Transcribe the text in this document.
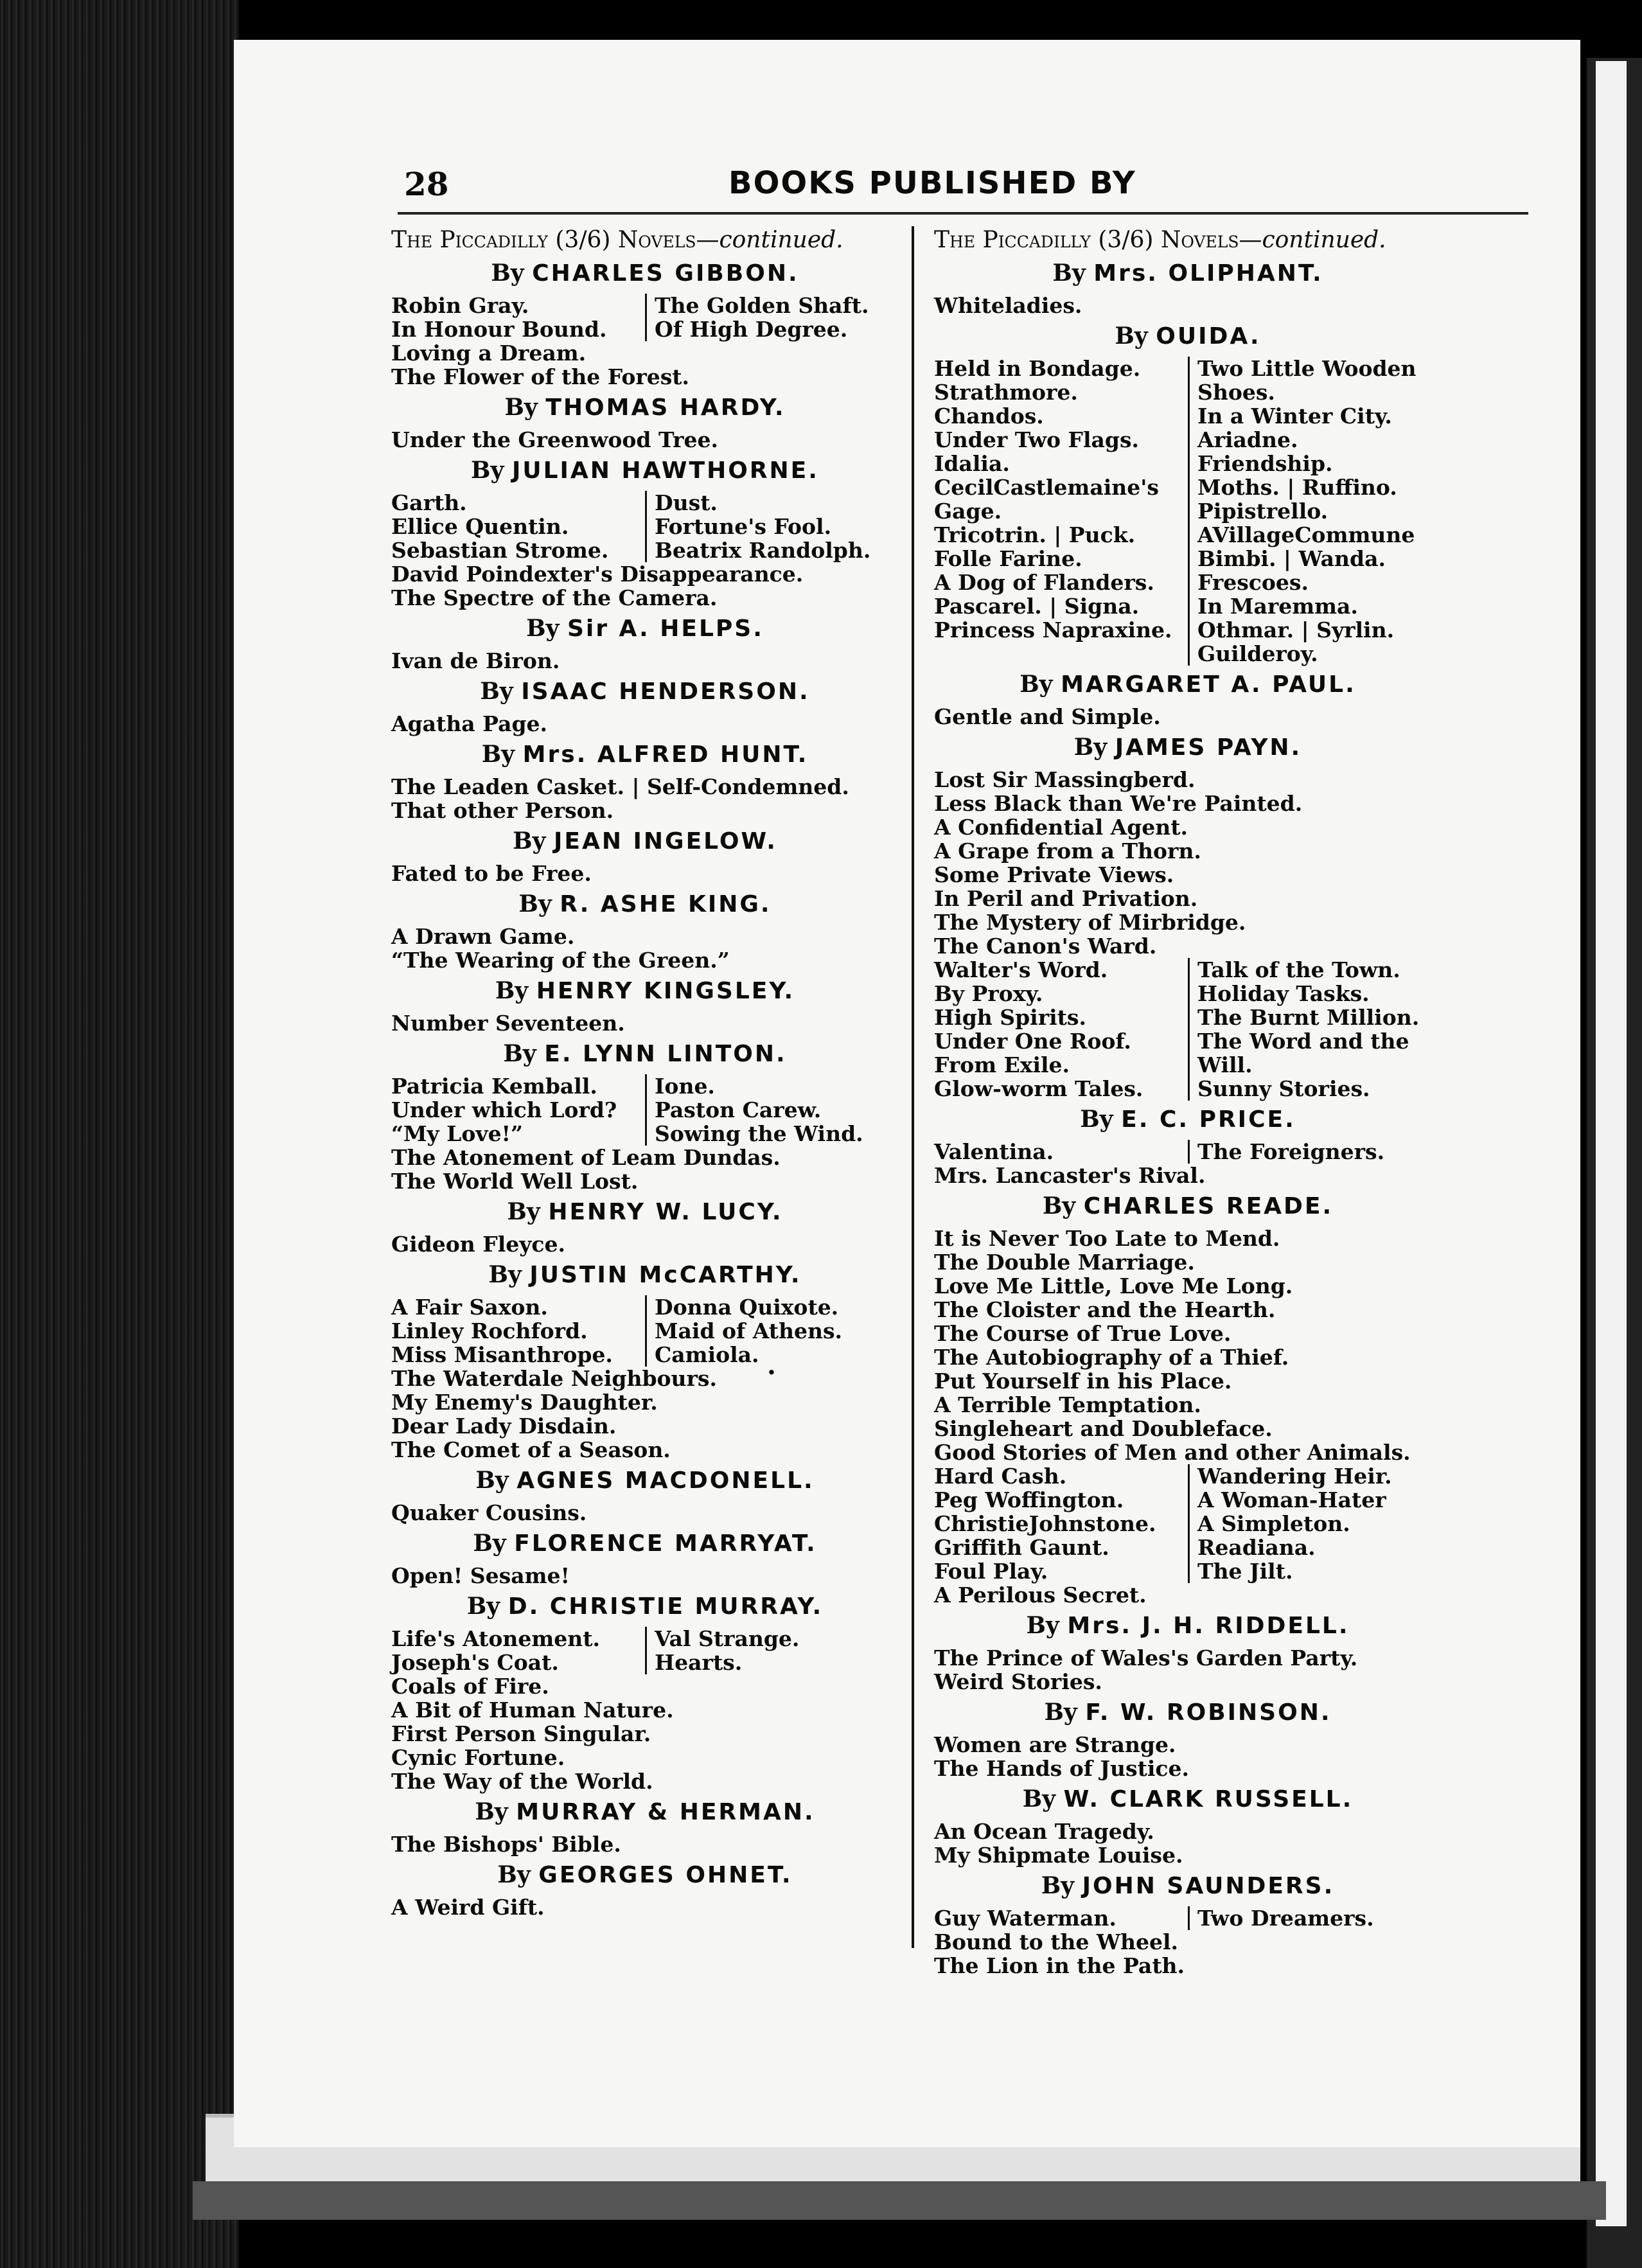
28	BOOKS PUBLISHED BY
.
The Piccadilly (3/6) Novels—continued.
By CHARLES GIBBON.
Robin Gray.	The Golden Shaft.
In Honour Bound.	Of High Degree.
Loving a Dream.
The Flower of the Forest.
By THOMAS HARDY.
Under the Greenwood Tree.
By JULIAN HAWTHORNE.
Garth.	Dust.
Ellice Quentin.	Fortune's Fool.
Sebastian Strome.	Beatrix Randolph.
David Poindexter's Disappearance.
The Spectre of the Camera.
By Sir A. HELPS.
Ivan de Biron.
By ISAAC HENDERSON.
Agatha Page.
By Mrs. ALFRED HUNT.
The Leaden Casket. | Self-Condemned.
That other Person.
By JEAN INGELOW.
Fated to be Free.
By R. ASHE KING.
A Drawn Game.
“The Wearing of the Green.”
By HENRY KINGSLEY.
Number Seventeen.
By E. LYNN LINTON.
Patricia Kemball.	Ione.
Under which Lord?	Paston Carew.
“My Love!”	Sowing the Wind.
The Atonement of Leam Dundas.
The World Well Lost.
By HENRY W. LUCY.
Gideon Fleyce.
By JUSTIN McCARTHY.
A Fair Saxon.	Donna Quixote.
Linley Rochford.	Maid of Athens.
Miss Misanthrope.	Camiola.
The Waterdale Neighbours.
My Enemy's Daughter.
Dear Lady Disdain.
The Comet of a Season.
By AGNES MACDONELL.
Quaker Cousins.
By FLORENCE MARRYAT.
Open! Sesame!
By D. CHRISTIE MURRAY.
Life's Atonement.	Val Strange.
Joseph's Coat.	Hearts.
Coals of Fire.
A Bit of Human Nature.
First Person Singular.
Cynic Fortune.
The Way of the World.
By MURRAY & HERMAN.
The Bishops' Bible.
By GEORGES OHNET.
A Weird Gift.
The Piccadilly (3/6) Novels—continued.
By Mrs. OLIPHANT.
Whiteladies.
By OUIDA.
Held in Bondage.	Two Little Wooden
Strathmore.	Shoes.
Chandos.	In a Winter City.
Under Two Flags.	Ariadne.
Idalia.	Friendship.
CecilCastlemaine's	Moths. | Ruffino.
Gage.	Pipistrello.
Tricotrin. | Puck.	AVillageCommune
Folle Farine.	Bimbi. | Wanda.
A Dog of Flanders.	Frescoes.
Pascarel. | Signa.	In Maremma.
Princess Napraxine.	Othmar. | Syrlin.
Guilderoy.
By MARGARET A. PAUL.
Gentle and Simple.
By JAMES PAYN.
Lost Sir Massingberd.
Less Black than We're Painted.
A Confidential Agent.
A Grape from a Thorn.
Some Private Views.
In Peril and Privation.
The Mystery of Mirbridge.
The Canon's Ward.
Walter's Word.	Talk of the Town.
By Proxy.	Holiday Tasks.
High Spirits.	The Burnt Million.
Under One Roof.	The Word and the
From Exile.	Will.
Glow-worm Tales.	Sunny Stories.
By E. C. PRICE.
Valentina.	The Foreigners.
Mrs. Lancaster's Rival.
By CHARLES READE.
It is Never Too Late to Mend.
The Double Marriage.
Love Me Little, Love Me Long.
The Cloister and the Hearth.
The Course of True Love.
The Autobiography of a Thief.
Put Yourself in his Place.
A Terrible Temptation.
Singleheart and Doubleface.
Good Stories of Men and other Animals.
Hard Cash.	Wandering Heir.
Peg Woffington.	A Woman-Hater
ChristieJohnstone.	A Simpleton.
Griffith Gaunt.	Readiana.
Foul Play.	The Jilt.
A Perilous Secret.
By Mrs. J. H. RIDDELL.
The Prince of Wales's Garden Party.
Weird Stories.
By F. W. ROBINSON.
Women are Strange.
The Hands of Justice.
By W. CLARK RUSSELL.
An Ocean Tragedy.
My Shipmate Louise.
By JOHN SAUNDERS.
Guy Waterman.	Two Dreamers.
Bound to the Wheel.
The Lion in the Path.
